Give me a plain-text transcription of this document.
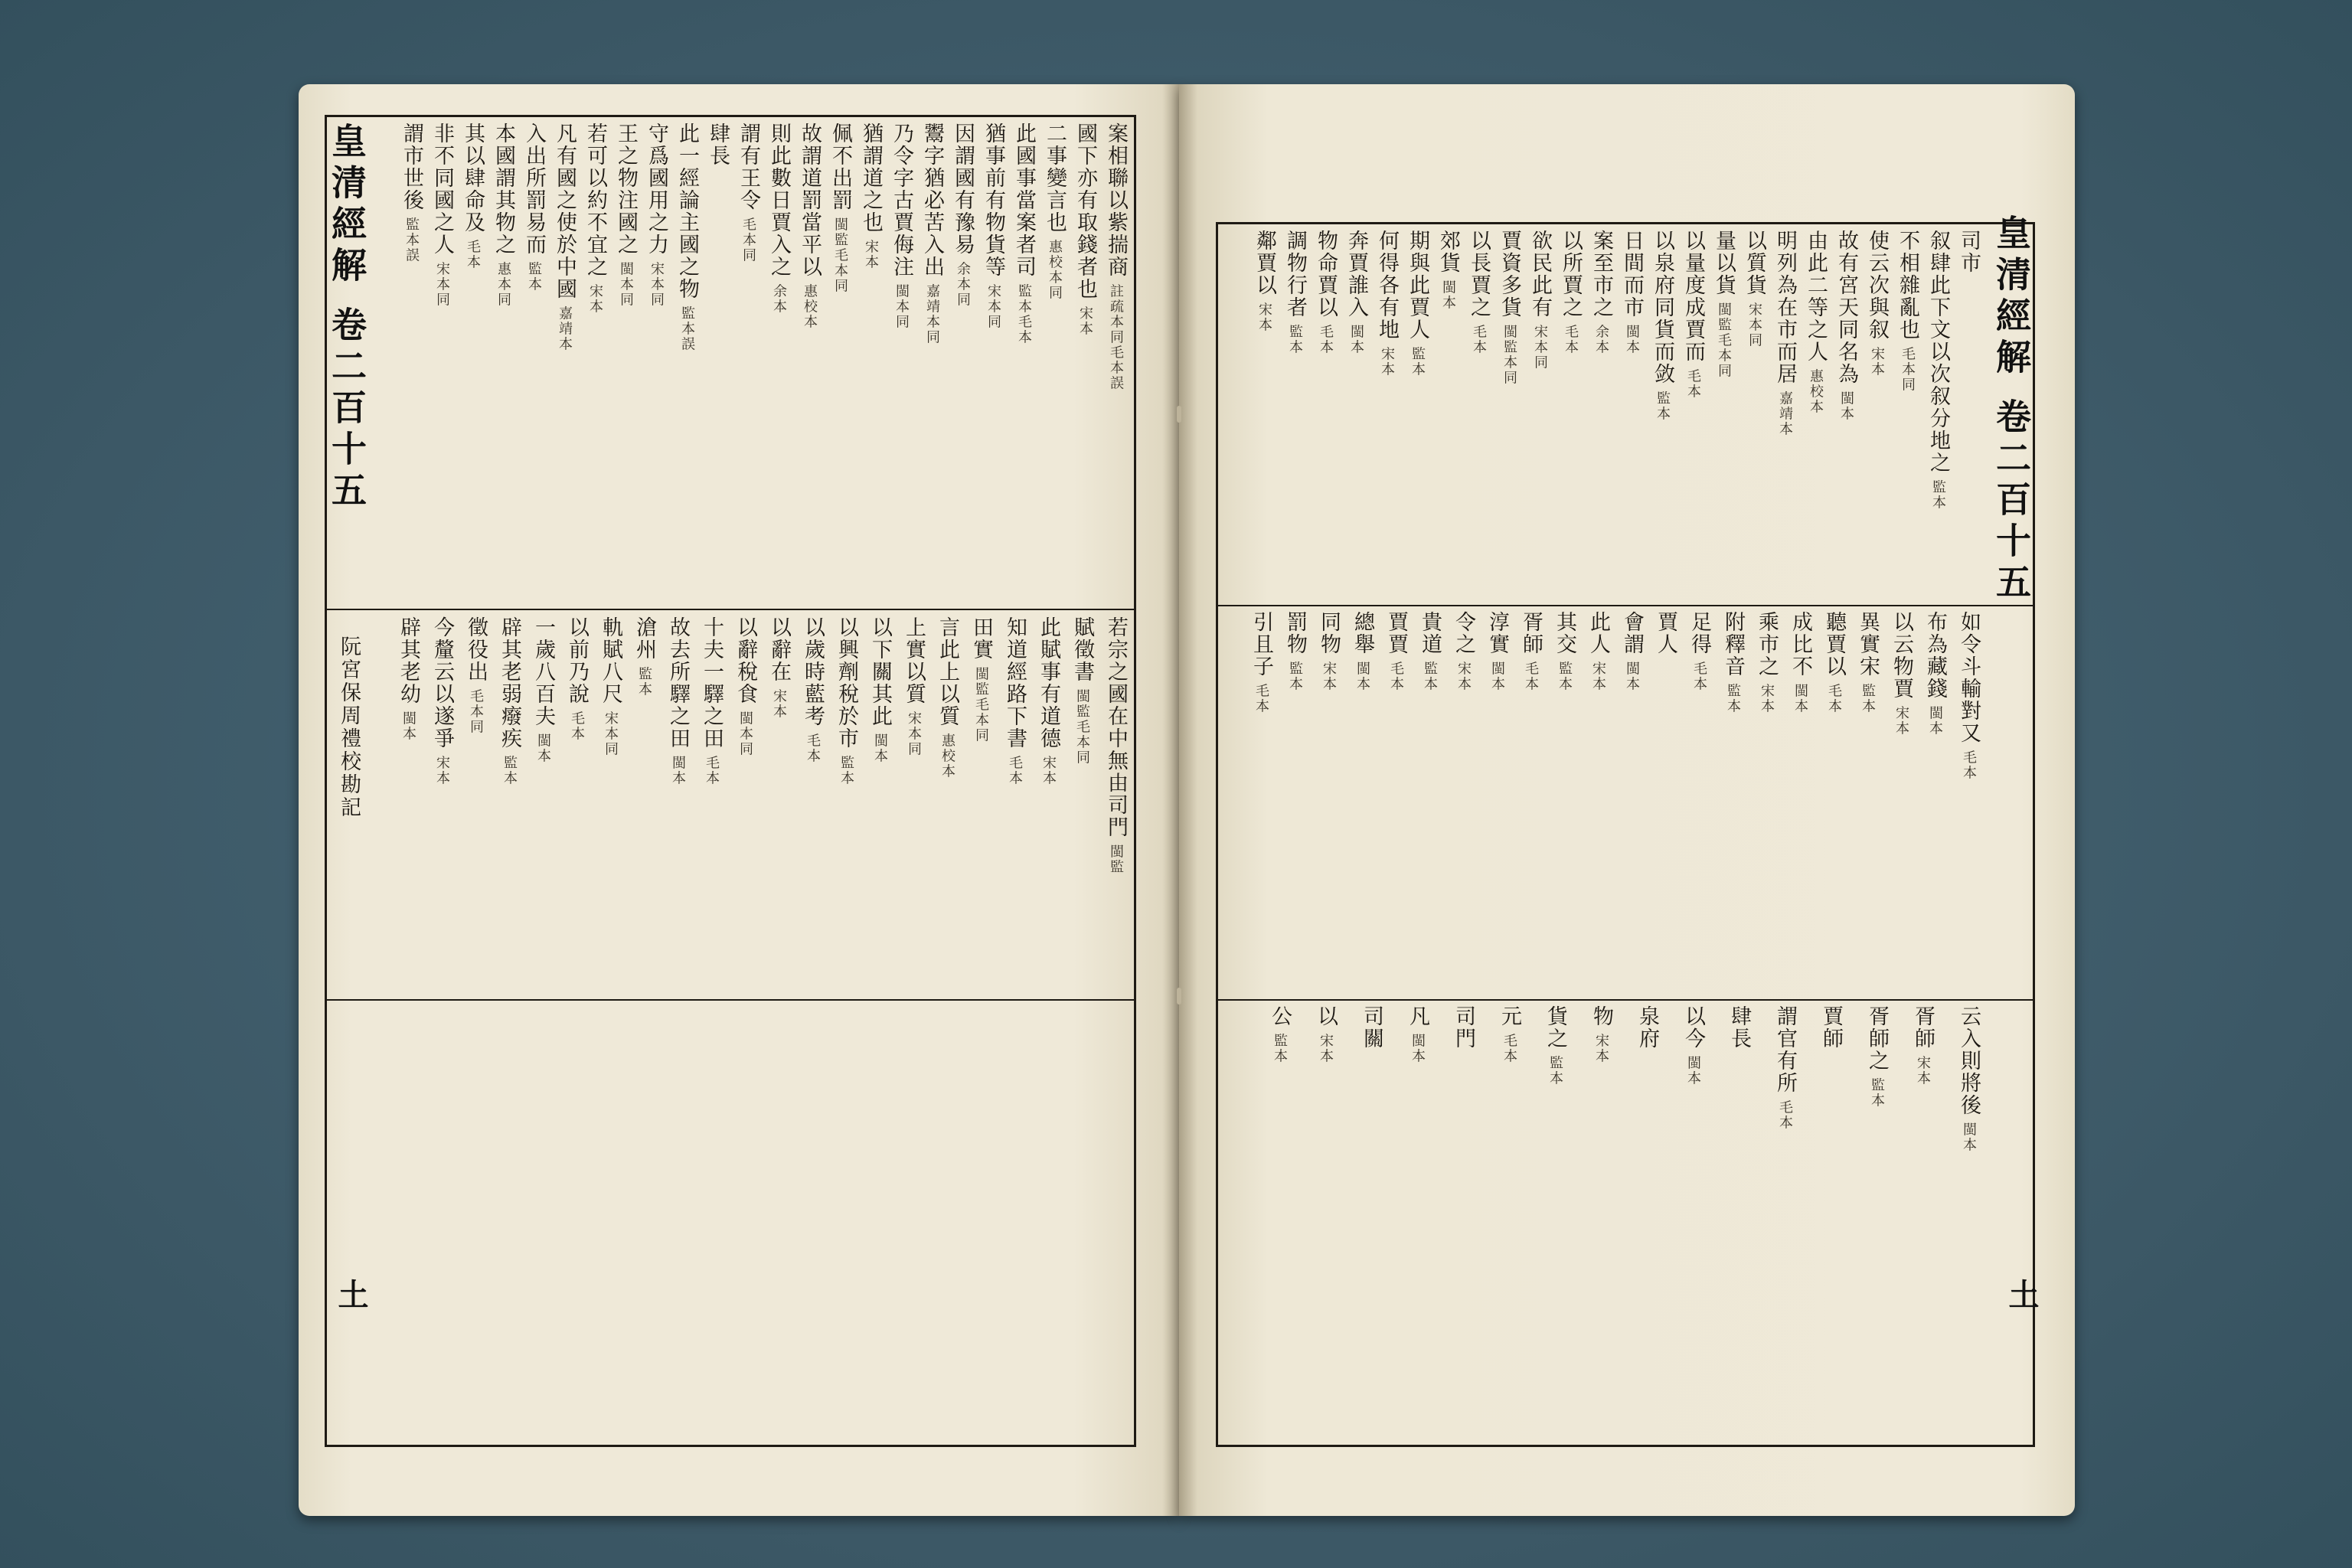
皇清經解 卷二百十五
案相聯以紫揣商 註疏本同毛本誤
國下亦有取錢者也 宋本
二事變言也 惠校本同
此國事當案者司 監本毛本
猶事前有物貨等 宋本同
因謂國有豫易 余本同
鬻字猶必苦入出 嘉靖本同
乃令字古賈侮注 閩本同
猶謂道之也 宋本
佩不出罰 閩監毛本同
故謂道罰當平以 惠校本
則此數日賈入之 余本
謂有王令 毛本同
肆長
此一經論主國之物 監本誤
守爲國用之力 宋本同
王之物注國之 閩本同
若可以約不宜之 宋本
凡有國之使於中國 嘉靖本
入出所罰易而 監本
本國謂其物之 惠本同
其以肆命及 毛本
非不同國之人 宋本同
謂市世後 監本誤
若宗之國在中無由司門 閩監
賦徵書 閩監毛本同
此賦事有道德 宋本
知道經路下書 毛本
田實 閩監毛本同
言此上以質 惠校本
上實以質 宋本同
以下關其此 閩本
以興劑稅於市 監本
以歲時藍考 毛本
以辭在 宋本
以辭稅食 閩本同
十夫一驛之田 毛本
故去所驛之田 閩本
滄州 監本
軌賦八尺 宋本同
以前乃說 毛本
一歲八百夫 閩本
辟其老弱癈疾 監本
徵役出 毛本同
今釐云以遂爭 宋本
辟其老幼 閩本
阮宮保周禮校勘記
土
皇清經解 卷二百十五
司市
叙肆此下文以次叙分地之 監本
不相雜亂也 毛本同
使云次與叙 宋本
故有宮天同名為 閩本
由此二等之人 惠校本
明列為在市而居 嘉靖本
以質貨 宋本同
量以貨 閩監毛本同
以量度成賈而 毛本
以泉府同貨而敛 監本
日間而市 閩本
案至市之 余本
以所賈之 毛本
欲民此有 宋本同
賈資多貨 閩監本同
以長賈之 毛本
郊貨 閩本
期與此賈人 監本
何得各有地 宋本
奔賈誰入 閩本
物命賈以 毛本
調物行者 監本
鄰賈以 宋本
如令斗輸對又 毛本
布為藏錢 閩本
以云物賈 宋本
異實宋 監本
聽賈以 毛本
成比不 閩本
乘市之 宋本
附釋音 監本
足得 毛本
賈人
會謂 閩本
此人 宋本
其交 監本
胥師 毛本
淳實 閩本
令之 宋本
貴道 監本
賈賈 毛本
總舉 閩本
同物 宋本
罰物 監本
引且子 毛本
云入則將後 閩本
胥師 宋本
胥師之 監本
賈師
謂官有所 毛本
肆長
以今 閩本
泉府
物 宋本
貨之 監本
元 毛本
司門
凡 閩本
司關
以 宋本
公 監本
土
